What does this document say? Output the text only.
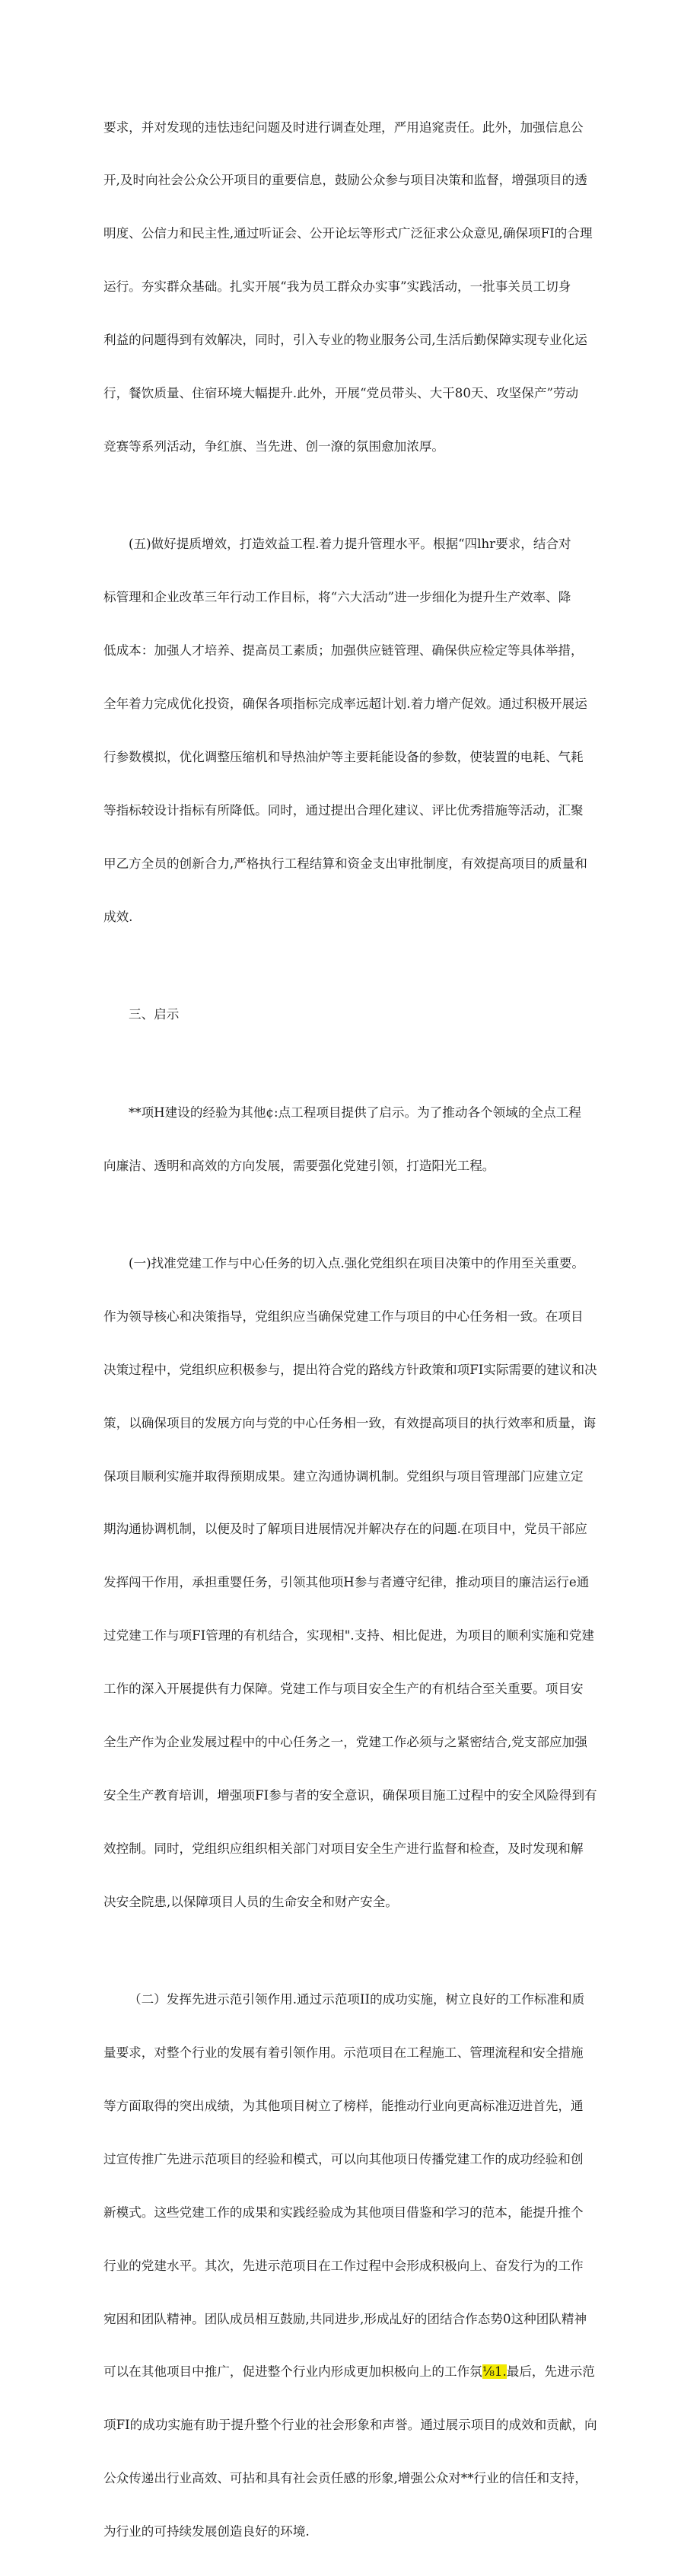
要求，并对发现的违怯违纪问题及时进行调查处理，严用追窕责任。此外，加强信息公

开,及时向社会公众公开项目的重要信息，鼓励公众参与项目决策和监督，增强项目的透

明度、公信力和民主性,通过听证会、公开论坛等形式广泛征求公众意见,确保项FI的合理

运行。夯实群众基础。扎实开展“我为员工群众办实事”实践活动，一批事关员工切身

利益的问题得到有效解决，同时，引入专业的物业服务公司,生活后勤保障实现专业化运

行，餐饮质量、住宿环境大幅提升.此外，开展“党员带头、大干80天、攻坚保产”劳动

竞赛等系列活动，争红旗、当先进、创一潦的氛围愈加浓厚。

(五)做好提质增效，打造效益工程.着力提升管理水平。根据“四lhr要求，结合对

标管理和企业改革三年行动工作目标，将“六大活动”进一步细化为提升生产效率、降

低成本：加强人才培养、提高员工素质；加强供应链管理、确保供应检定等具体举措，

全年着力完成优化投资，确保各项指标完成率远超计划.着力增产促效。通过积极开展运

行参数模拟，优化调整压缩机和导热油炉等主要耗能设备的参数，使装置的电耗、气耗

等指标较设计指标有所降低。同时，通过提出合理化建议、评比优秀措施等活动，汇聚

甲乙方全员的创新合力,严格执行工程结算和资金支出审批制度，有效提高项目的质量和

成效.

三、启示

**项H建设的经验为其他¢:点工程项目提供了启示。为了推动各个领域的全点工程

向廉洁、透明和高效的方向发展，需要强化党建引领，打造阳光工程。

(一)找准党建工作与中心任务的切入点.强化党组织在项目决策中的作用至关重要。

作为领导核心和决策指导，党组织应当确保党建工作与项目的中心任务相一致。在项目

决策过程中，党组织应积极参与，提出符合党的路线方针政策和项FI实际需要的建议和决

策，以确保项目的发展方向与党的中心任务相一致，有效提高项目的执行效率和质量，诲

保项目顺利实施并取得预期成果。建立沟通协调机制。党组织与项目管理部门应建立定

期沟通协调机制，以便及时了解项目进展情况并解决存在的问题.在项目中，党员干部应

发挥闯干作用，承担重婴任务，引领其他项H参与者遵守纪律，推动项目的廉洁运行e通

过党建工作与项FI管理的有机结合，实现相".支持、相比促进，为项目的顺利实施和党建

工作的深入开展提供有力保障。党建工作与项目安全生产的有机结合至关重要。项目安

全生产作为企业发展过程中的中心任务之一，党建工作必须与之紧密结合,党支部应加强

安全生产教育培训，增强项FI参与者的安全意识，确保项目施工过程中的安全风险得到有

效控制。同时，党组织应组织相关部门对项目安全生产进行监督和检查，及时发现和解

决安全院患,以保障项目人员的生命安全和财产安全。

（二）发挥先进示范引领作用.通过示范项II的成功实施，树立良好的工作标准和质

量要求，对整个行业的发展有着引领作用。示范项目在工程施工、管理流程和安全措施

等方面取得的突出成绩，为其他项目树立了榜样，能推动行业向更高标准迈进首先，通

过宣传推广先进示范项目的经验和模式，可以向其他项日传播党建工作的成功经验和创

新模式。这些党建工作的成果和实践经验成为其他项目借鉴和学习的范本，能提升推个

行业的党建水平。其次，先进示范项目在工作过程中会形成积极向上、奋发行为的工作

宛困和团队精神。团队成员相互鼓励,共同进步,形成乩好的团结合作态势0这种团队精神

可以在其他项目中推广，促进整个行业内形成更加枳极向上的工作氛⅛1.最后，先进示范

项FI的成功实施有助于提升整个行业的社会形象和声誉。通过展示项目的成效和贡献，向

公众传递出行业高效、可拈和具有社会贡任感的形象,增强公众对**行业的信任和支持，

为行业的可持续发展创造良好的环境.
